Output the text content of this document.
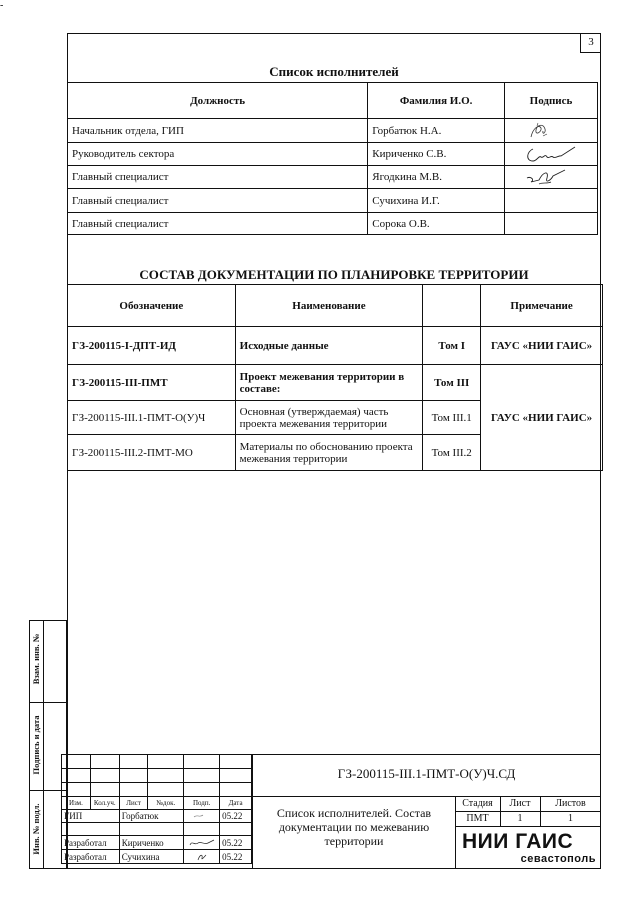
-
3
Список исполнителей
Должность	Фамилия И.О.	Подпись
Начальник отдела, ГИП	Горбатюк Н.А.	

Руководитель сектора	Кириченко С.В.	

Главный специалист	Ягодкина М.В.	

Главный специалист	Сучихина И.Г.	
Главный специалист	Сорока О.В.	
СОСТАВ ДОКУМЕНТАЦИИ ПО ПЛАНИРОВКЕ ТЕРРИТОРИИ
Обозначение	Наименование		Примечание
ГЗ-200115-I-ДПТ-ИД	Исходные данные	Том I	ГАУС «НИИ ГАИС»
ГЗ-200115-III-ПМТ	Проект межевания территории в составе:	Том III	ГАУС «НИИ ГАИС»
ГЗ-200115-III.1-ПМТ-О(У)Ч	Основная (утверждаемая) часть проекта межевания территории	Том III.1	
ГЗ-200115-III.2-ПМТ-МО	Материалы по обоснованию проекта межевания территории	Том III.2	
Взам. инв. №
Подпись и дата
Инв. № подл.

Изм.	Кол.уч.	Лист	№док.	Подп.	Дата
ГИП		Горбатюк			05.22

Разработал		Кириченко			05.22
Разработал		Сучихина			05.22
ГЗ-200115-III.1-ПМТ-О(У)Ч.СД
Список исполнителей. Состав документации по межеванию территории
Стадия	Лист	Листов
ПМТ	1	1
НИИ ГАИС
севастополь
